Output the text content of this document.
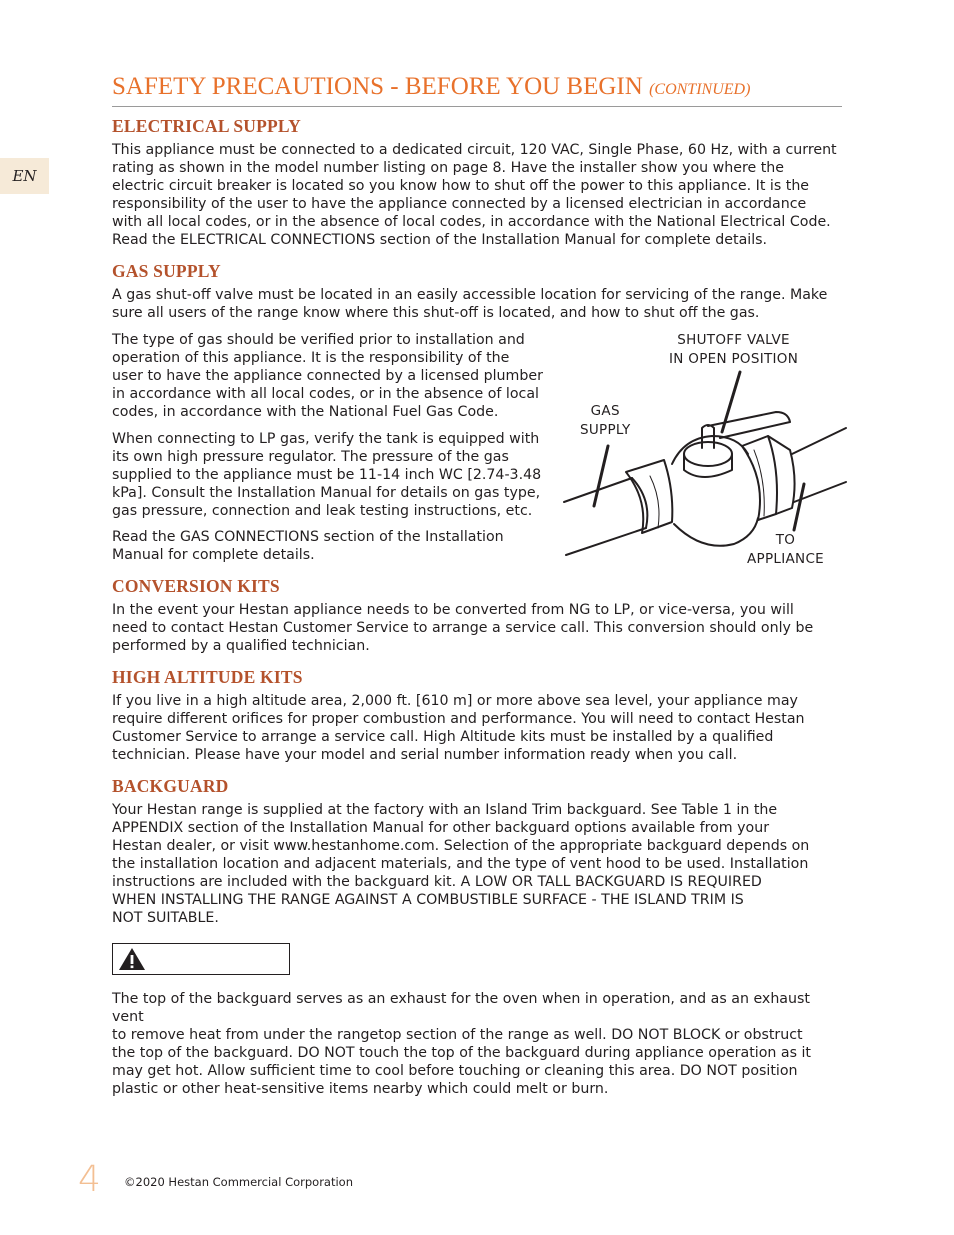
EN
SAFETY PRECAUTIONS - BEFORE YOU BEGIN (CONTINUED)
ELECTRICAL SUPPLY
This appliance must be connected to a dedicated circuit, 120 VAC, Single Phase, 60 Hz, with a current
rating as shown in the model number listing on page 8. Have the installer show you where the
electric circuit breaker is located so you know how to shut off the power to this appliance. It is the
responsibility of the user to have the appliance connected by a licensed electrician in accordance
with all local codes, or in the absence of local codes, in accordance with the National Electrical Code.
Read the ELECTRICAL CONNECTIONS section of the Installation Manual for complete details.
GAS SUPPLY
A gas shut-off valve must be located in an easily accessible location for servicing of the range. Make
sure all users of the range know where this shut-off is located, and how to shut off the gas.
The type of gas should be verified prior to installation and
operation of this appliance. It is the responsibility of the
user to have the appliance connected by a licensed plumber
in accordance with all local codes, or in the absence of local
codes, in accordance with the National Fuel Gas Code.
When connecting to LP gas, verify the tank is equipped with
its own high pressure regulator. The pressure of the gas
supplied to the appliance must be 11-14 inch WC [2.74-3.48
kPa]. Consult the Installation Manual for details on gas type,
gas pressure, connection and leak testing instructions, etc.
Read the GAS CONNECTIONS section of the Installation
Manual for complete details.
SHUTOFF VALVE
IN OPEN POSITION
GAS
SUPPLY
TO
APPLIANCE
CONVERSION KITS
In the event your Hestan appliance needs to be converted from NG to LP, or vice-versa, you will
need to contact Hestan Customer Service to arrange a service call. This conversion should only be
performed by a qualified technician.
HIGH ALTITUDE KITS
If you live in a high altitude area, 2,000 ft. [610 m] or more above sea level, your appliance may
require different orifices for proper combustion and performance. You will need to contact Hestan
Customer Service to arrange a service call. High Altitude kits must be installed by a qualified
technician. Please have your model and serial number information ready when you call.
BACKGUARD
Your Hestan range is supplied at the factory with an Island Trim backguard. See Table 1 in the
APPENDIX section of the Installation Manual for other backguard options available from your
Hestan dealer, or visit www.hestanhome.com. Selection of the appropriate backguard depends on
the installation location and adjacent materials, and the type of vent hood to be used. Installation
instructions are included with the backguard kit. A LOW OR TALL BACKGUARD IS REQUIRED
WHEN INSTALLING THE RANGE AGAINST A COMBUSTIBLE SURFACE - THE ISLAND TRIM IS
NOT SUITABLE.
The top of the backguard serves as an exhaust for the oven when in operation, and as an exhaust vent
to remove heat from under the rangetop section of the range as well. DO NOT BLOCK or obstruct
the top of the backguard. DO NOT touch the top of the backguard during appliance operation as it
may get hot. Allow sufficient time to cool before touching or cleaning this area. DO NOT position
plastic or other heat-sensitive items nearby which could melt or burn.
4 ©2020 Hestan Commercial Corporation
